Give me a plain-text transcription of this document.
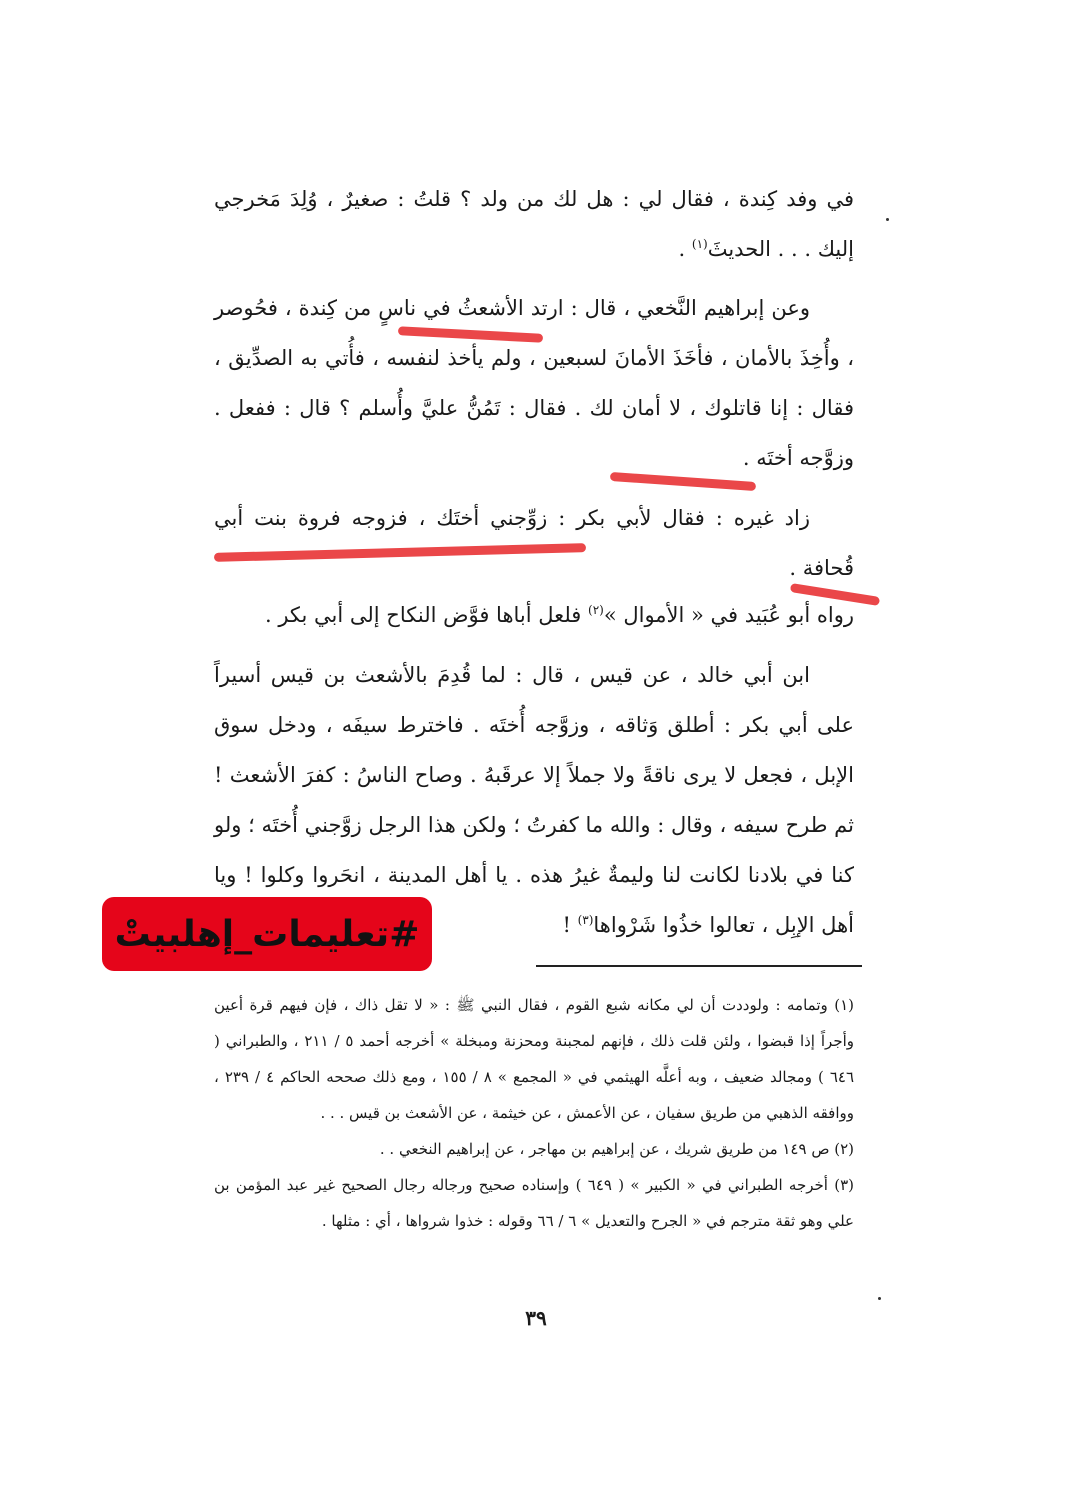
في وفد كِندة ، فقال لي : هل لك من ولد ؟ قلتُ : صغيرٌ ، وُلِدَ مَخرجي إليك . . . الحديثَ$^{(١)}$ .

وعن إبراهيم النَّخعي ، قال : ارتد الأشعثُ في ناسٍ من كِندة ، فحُوصر ، وأُخِذَ بالأمان ، فأخَذَ الأمانَ لسبعين ، ولم يأخذ لنفسه ، فأُتي به الصدِّيق ، فقال : إنا قاتلوك ، لا أمان لك . فقال : تَمُنُّ عليَّ وأُسلم ؟ قال : ففعل . وزوَّجه أختَه .

زاد غيره : فقال لأبي بكر : زوِّجني أختَك ، فزوجه فروة بنت أبي قُحافة .

رواه أبو عُبَيد في « الأموال »$^{(٢)}$ فلعل أباها فوَّض النكاح إلى أبي بكر .

ابن أبي خالد ، عن قيس ، قال : لما قُدِمَ بالأشعث بن قيس أسيراً على أبي بكر : أطلق وَثاقه ، وزوَّجه أُختَه . فاخترط سيفَه ، ودخل سوق الإبل ، فجعل لا يرى ناقةً ولا جملاً إلا عرقَبهُ . وصاح الناسُ : كفرَ الأشعث ! ثم طرح سيفه ، وقال : والله ما كفرتُ ؛ ولكن هذا الرجل زوَّجني أُختَه ؛ ولو كنا في بلادنا لكانت لنا وليمةٌ غيرُ هذه . يا أهل المدينة ، انحَروا وكلوا ! ويا أهل الإبِل ، تعالوا خذُوا شَرْواها$^{(٣)}$ !

#تعليمات_إهلبيتْ

(١) وتمامه : ولوددت أن لي مكانه شبع القوم ، فقال النبي ﷺ : « لا تقل ذاك ، فإن فيهم قرة أعين وأجراً إذا قبضوا ، ولئن قلت ذلك ، فإنهم لمجبنة ومحزنة ومبخلة » أخرجه أحمد ٥ / ٢١١ ، والطبراني ( ٦٤٦ ) ومجالد ضعيف ، وبه أعلَّه الهيثمي في « المجمع » ٨ / ١٥٥ ، ومع ذلك صححه الحاكم ٤ / ٢٣٩ ، ووافقه الذهبي من طريق سفيان ، عن الأعمش ، عن خيثمة ، عن الأشعث بن قيس . . .

(٢) ص ١٤٩ من طريق شريك ، عن إبراهيم بن مهاجر ، عن إبراهيم النخعي . .

(٣) أخرجه الطبراني في « الكبير » ( ٦٤٩ ) وإسناده صحيح ورجاله رجال الصحيح غير عبد المؤمن بن علي وهو ثقة مترجم في « الجرح والتعديل » ٦ / ٦٦ وقوله : خذوا شرواها ، أي : مثلها .

٣٩
